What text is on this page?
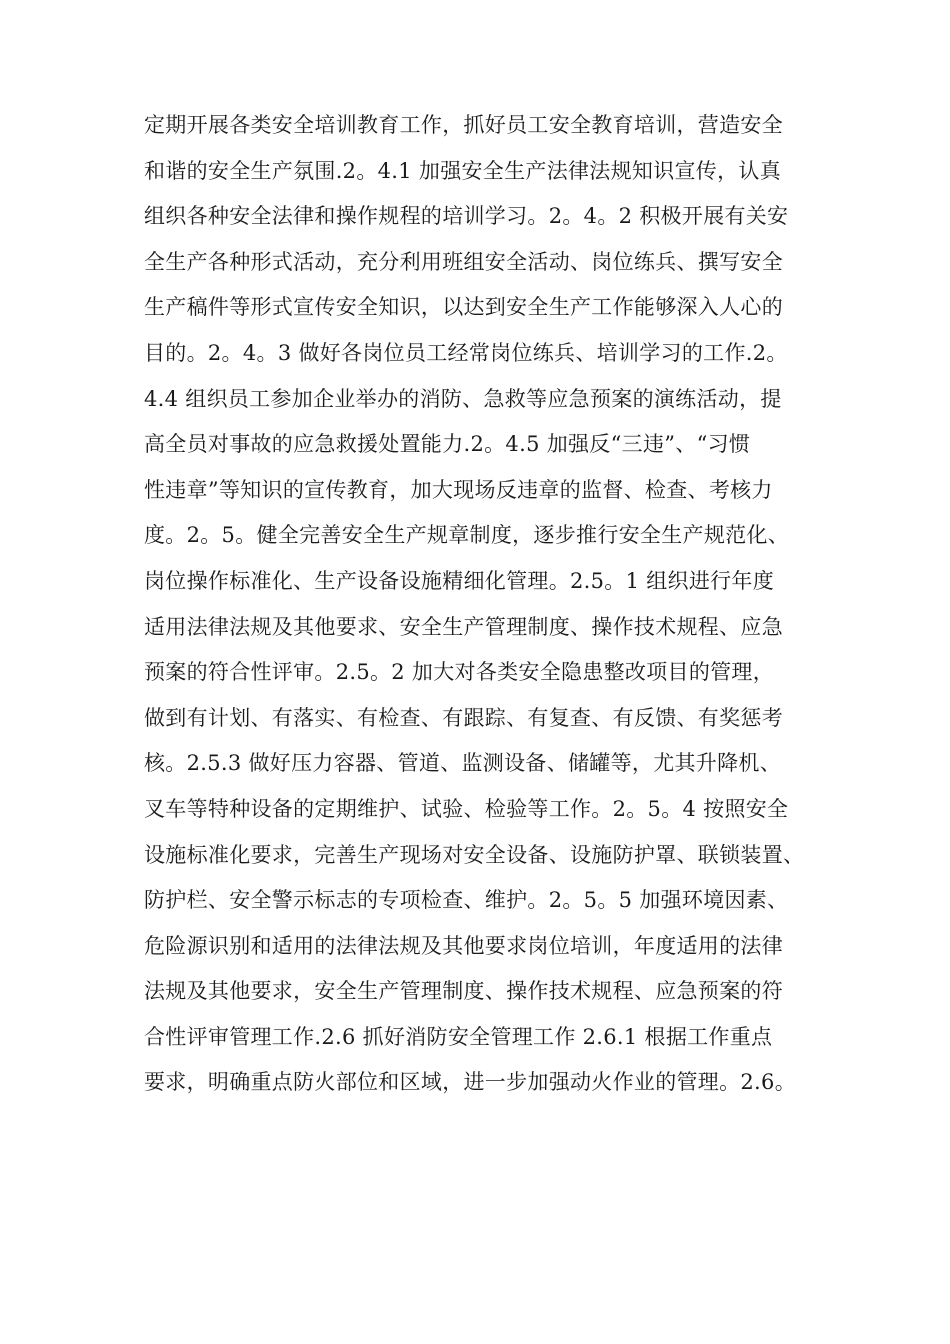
定期开展各类安全培训教育工作，抓好员工安全教育培训，营造安全
和谐的安全生产氛围.2。4.1 加强安全生产法律法规知识宣传，认真
组织各种安全法律和操作规程的培训学习。2。4。2 积极开展有关安
全生产各种形式活动，充分利用班组安全活动、岗位练兵、撰写安全
生产稿件等形式宣传安全知识，以达到安全生产工作能够深入人心的
目的。2。4。3 做好各岗位员工经常岗位练兵、培训学习的工作.2。
4.4 组织员工参加企业举办的消防、急救等应急预案的演练活动，提
高全员对事故的应急救援处置能力.2。4.5 加强反“三违”、“习惯
性违章”等知识的宣传教育，加大现场反违章的监督、检查、考核力
度。2。5。健全完善安全生产规章制度，逐步推行安全生产规范化、
岗位操作标准化、生产设备设施精细化管理。2.5。1 组织进行年度
适用法律法规及其他要求、安全生产管理制度、操作技术规程、应急
预案的符合性评审。2.5。2 加大对各类安全隐患整改项目的管理，
做到有计划、有落实、有检查、有跟踪、有复查、有反馈、有奖惩考
核。2.5.3 做好压力容器、管道、监测设备、储罐等，尤其升降机、
叉车等特种设备的定期维护、试验、检验等工作。2。5。4 按照安全
设施标准化要求，完善生产现场对安全设备、设施防护罩、联锁装置、
防护栏、安全警示标志的专项检查、维护。2。5。5 加强环境因素、
危险源识别和适用的法律法规及其他要求岗位培训，年度适用的法律
法规及其他要求，安全生产管理制度、操作技术规程、应急预案的符
合性评审管理工作.2.6 抓好消防安全管理工作 2.6.1 根据工作重点
要求，明确重点防火部位和区域，进一步加强动火作业的管理。2.6。
